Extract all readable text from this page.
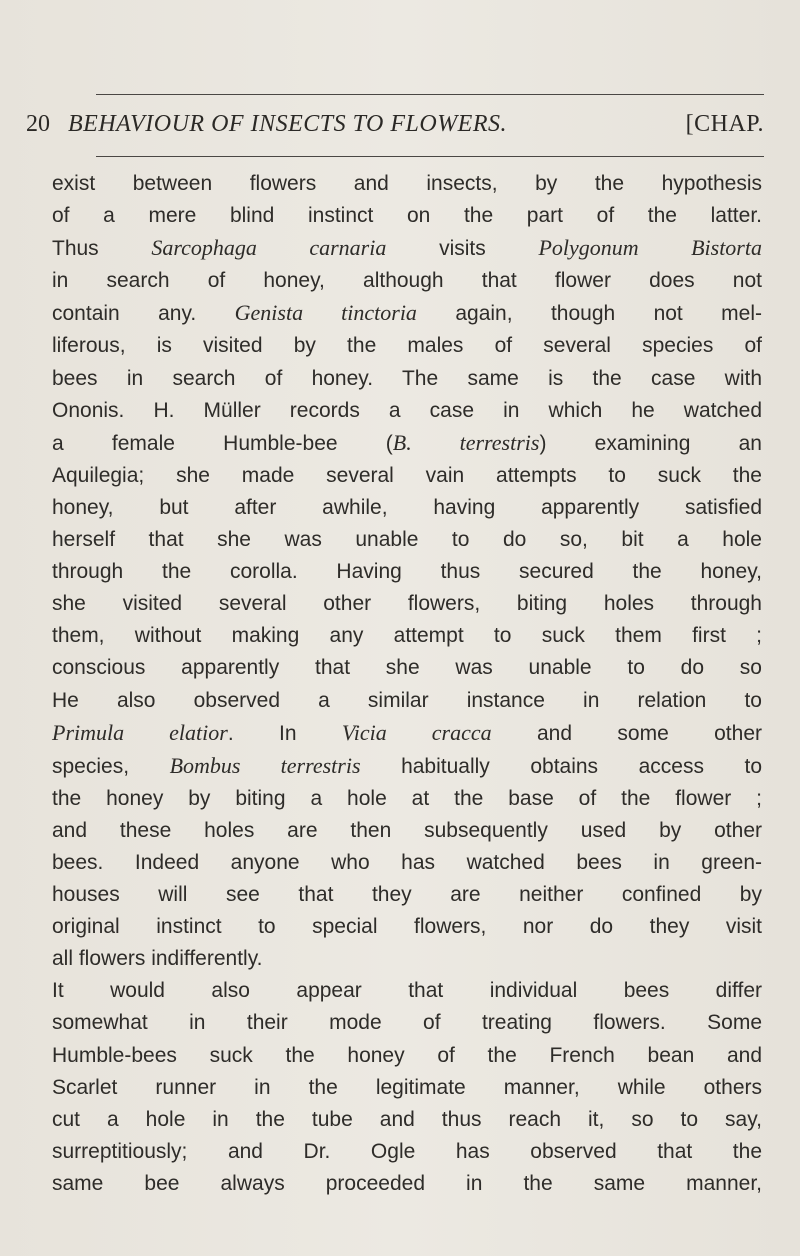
20 BEHAVIOUR OF INSECTS TO FLOWERS.	[CHAP.
exist between flowers and insects, by the hypothesis
of a mere blind instinct on the part of the latter.
Thus Sarcophaga carnaria visits Polygonum Bistorta
in search of honey, although that flower does not
contain any. Genista tinctoria again, though not mel-
liferous, is visited by the males of several species of
bees in search of honey. The same is the case with
Ononis. H. Müller records a case in which he watched
a female Humble-bee (B. terrestris) examining an
Aquilegia; she made several vain attempts to suck the
honey, but after awhile, having apparently satisfied
herself that she was unable to do so, bit a hole
through the corolla. Having thus secured the honey,
she visited several other flowers, biting holes through
them, without making any attempt to suck them first ;
conscious apparently that she was unable to do so
He also observed a similar instance in relation to
Primula elatior. In Vicia cracca and some other
species, Bombus terrestris habitually obtains access to
the honey by biting a hole at the base of the flower ;
and these holes are then subsequently used by other
bees. Indeed anyone who has watched bees in green-
houses will see that they are neither confined by
original instinct to special flowers, nor do they visit
all flowers indifferently.
It would also appear that individual bees differ
somewhat in their mode of treating flowers. Some
Humble-bees suck the honey of the French bean and
Scarlet runner in the legitimate manner, while others
cut a hole in the tube and thus reach it, so to say,
surreptitiously; and Dr. Ogle has observed that the
same bee always proceeded in the same manner,
